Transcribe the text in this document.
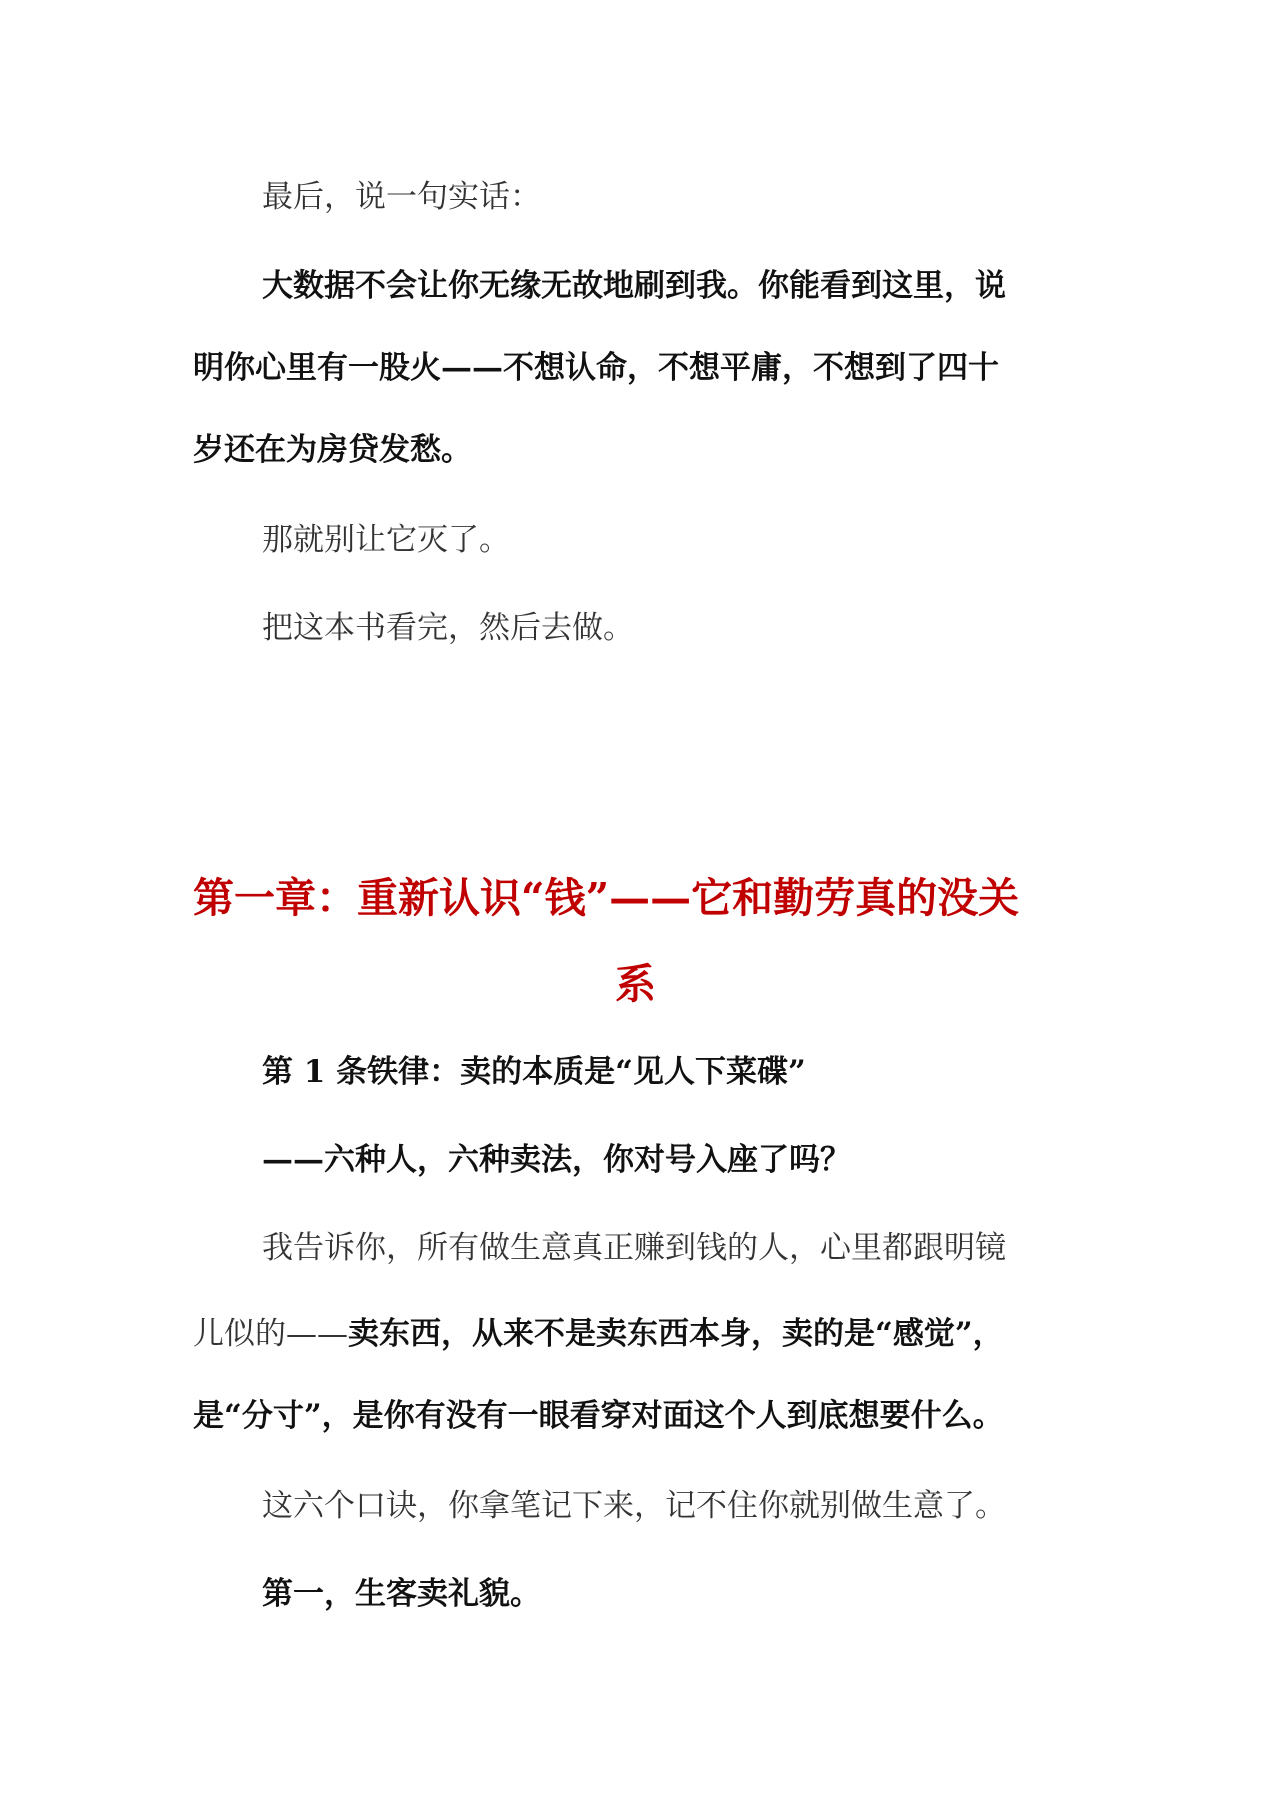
最后，说一句实话：

大数据不会让你无缘无故地刷到我。你能看到这里，说

明你心里有一股火——不想认命，不想平庸，不想到了四十

岁还在为房贷发愁。

那就别让它灭了。

把这本书看完，然后去做。

第一章：重新认识“钱”——它和勤劳真的没关
系
第 1 条铁律：卖的本质是“见人下菜碟”
——六种人，六种卖法，你对号入座了吗？

我告诉你，所有做生意真正赚到钱的人，心里都跟明镜

儿似的——卖东西，从来不是卖东西本身，卖的是“感觉”，

是“分寸”，是你有没有一眼看穿对面这个人到底想要什么。

这六个口诀，你拿笔记下来，记不住你就别做生意了。

第一，生客卖礼貌。
